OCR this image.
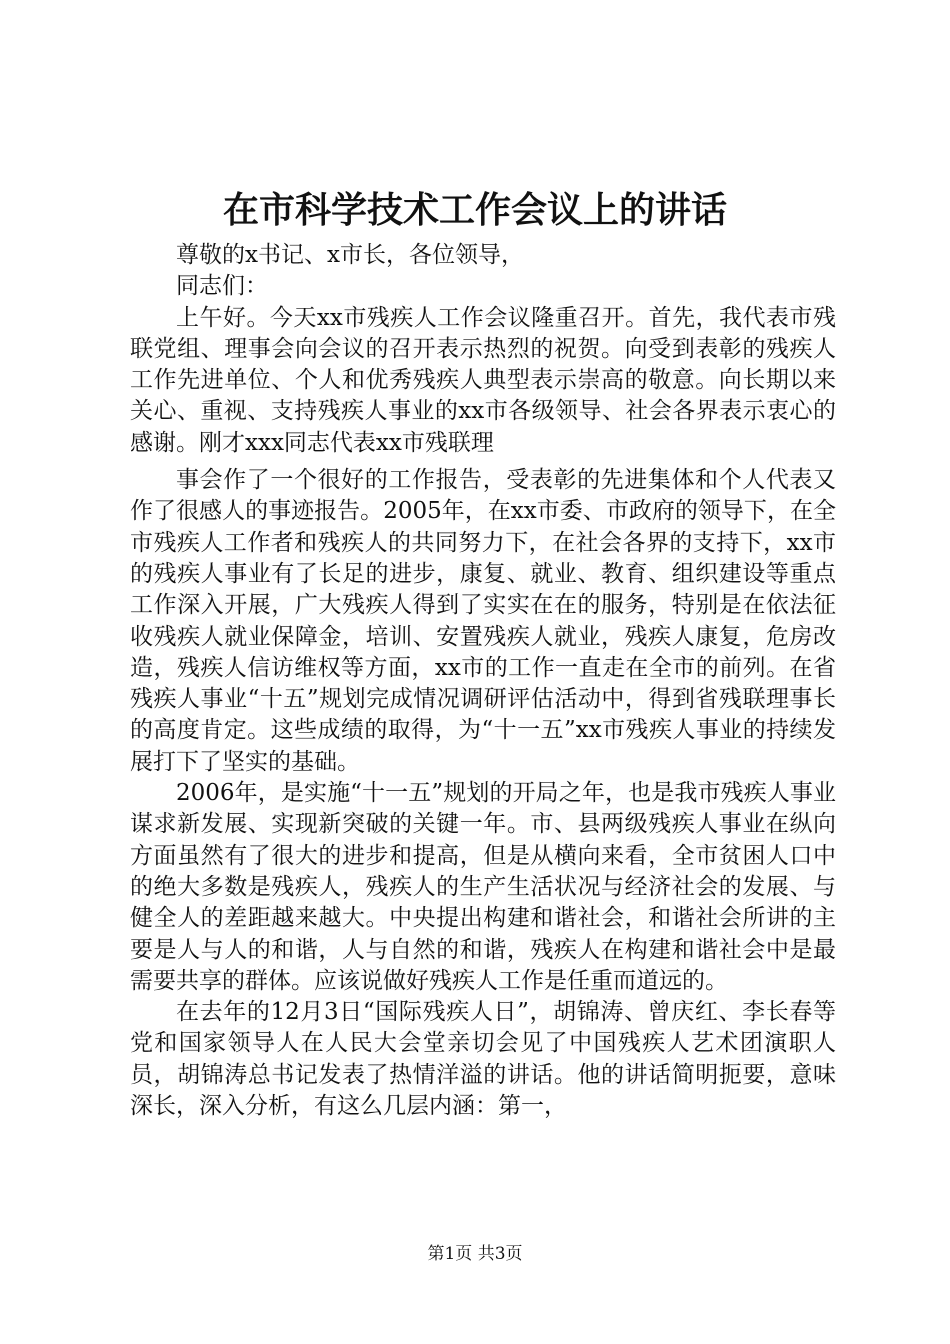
在市科学技术工作会议上的讲话

尊敬的x书记、x市长，各位领导，

同志们：

上午好。今天xx市残疾人工作会议隆重召开。首先，我代表市残联党组、理事会向会议的召开表示热烈的祝贺。向受到表彰的残疾人工作先进单位、个人和优秀残疾人典型表示崇高的敬意。向长期以来关心、重视、支持残疾人事业的xx市各级领导、社会各界表示衷心的感谢。刚才xxx同志代表xx市残联理

事会作了一个很好的工作报告，受表彰的先进集体和个人代表又作了很感人的事迹报告。2005年，在xx市委、市政府的领导下，在全市残疾人工作者和残疾人的共同努力下，在社会各界的支持下，xx市的残疾人事业有了长足的进步，康复、就业、教育、组织建设等重点工作深入开展，广大残疾人得到了实实在在的服务，特别是在依法征收残疾人就业保障金，培训、安置残疾人就业，残疾人康复，危房改造，残疾人信访维权等方面，xx市的工作一直走在全市的前列。在省残疾人事业“十五”规划完成情况调研评估活动中，得到省残联理事长的高度肯定。这些成绩的取得，为“十一五”xx市残疾人事业的持续发展打下了坚实的基础。

2006年，是实施“十一五”规划的开局之年，也是我市残疾人事业谋求新发展、实现新突破的关键一年。市、县两级残疾人事业在纵向方面虽然有了很大的进步和提高，但是从横向来看，全市贫困人口中的绝大多数是残疾人，残疾人的生产生活状况与经济社会的发展、与健全人的差距越来越大。中央提出构建和谐社会，和谐社会所讲的主要是人与人的和谐，人与自然的和谐，残疾人在构建和谐社会中是最需要共享的群体。应该说做好残疾人工作是任重而道远的。

在去年的12月3日“国际残疾人日”，胡锦涛、曾庆红、李长春等党和国家领导人在人民大会堂亲切会见了中国残疾人艺术团演职人员，胡锦涛总书记发表了热情洋溢的讲话。他的讲话简明扼要，意味深长，深入分析，有这么几层内涵：第一，

第1页 共3页
